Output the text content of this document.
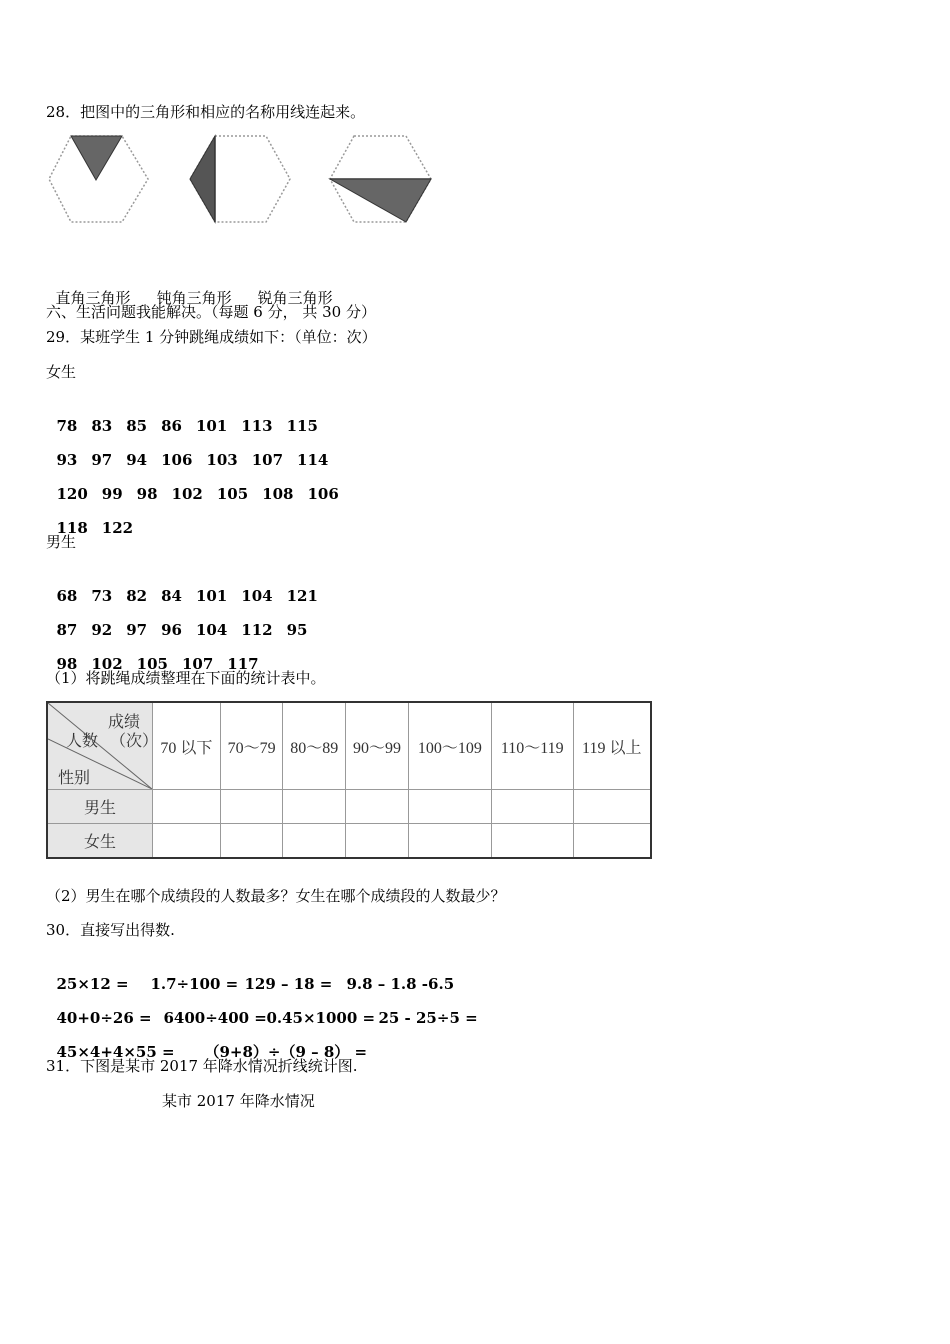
28．把图中的三角形和相应的名称用线连起来。

直角三角形 钝角三角形 锐角三角形

六、生活问题我能解决。（每题 6 分， 共 30 分）
29．某班学生 1 分钟跳绳成绩如下：（单位：次）
女生

78 83 85 86 101 113 115

93 97 94 106 103 107 114

120 99 98 102 105 108 106

118 122

男生

68 73 82 84 101 104 121

87 92 97 96 104 112 95

98 102 105 107 117

（1）将跳绳成绩整理在下面的统计表中。
成绩
（次）
人数
性别	70 以下	70～79	80～89	90～99	100～109	110～119	119 以上
男生							
女生							
（2）男生在哪个成绩段的人数最多？女生在哪个成绩段的人数最少？
30．直接写出得数.

25×12 = 1.7÷100 = 129 – 18 = 9.8 – 1.8 -6.5

40+0÷26 = 6400÷400 =0.45×1000 = 25 - 25÷5 =

45×4+4×55 = （9+8）÷（9 – 8） =

31．下图是某市 2017 年降水情况折线统计图.
某市 2017 年降水情况
